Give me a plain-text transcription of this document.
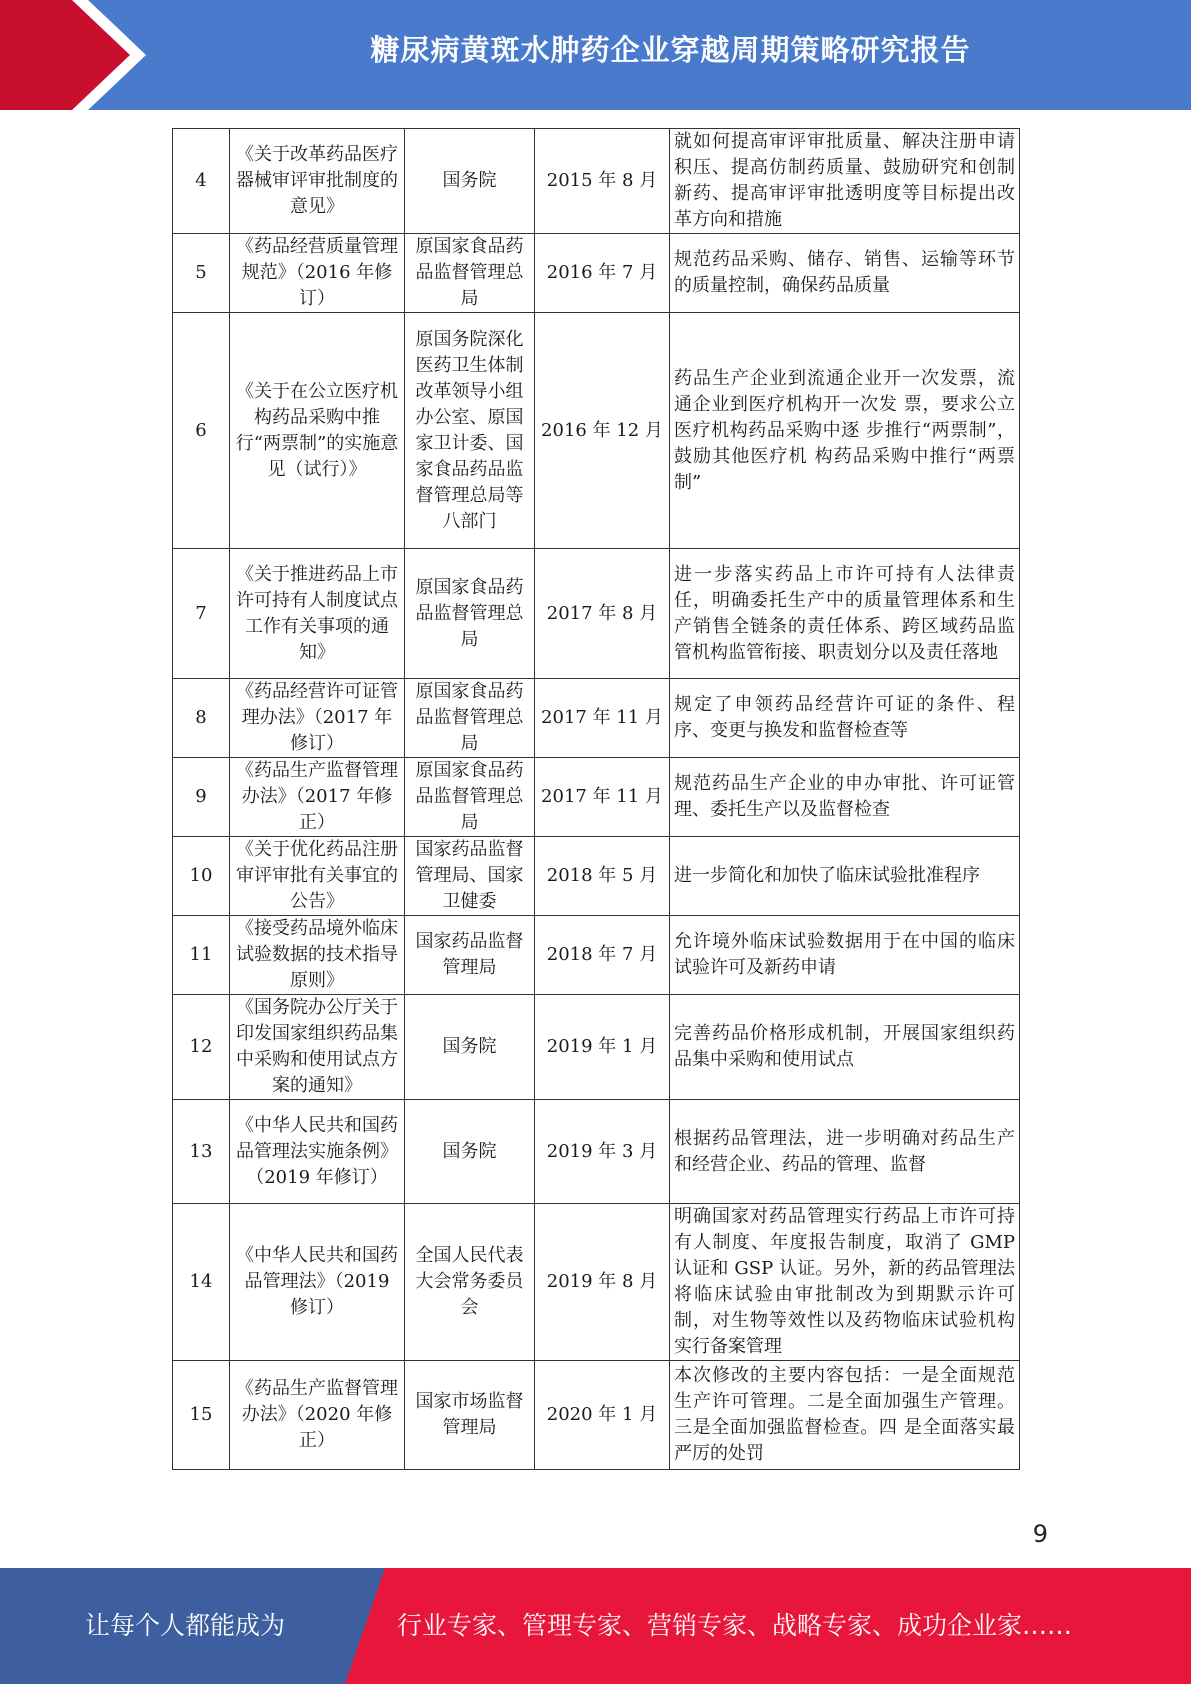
糖尿病黄斑水肿药企业穿越周期策略研究报告
4	《关于改革药品医疗器械审评审批制度的意见》	国务院	2015 年 8 月	就如何提高审评审批质量、解决注册申请积压、提高仿制药质量、鼓励研究和创制新药、提高审评审批透明度等目标提出改革方向和措施
5	《药品经营质量管理规范》（2016 年修订）	原国家食品药品监督管理总局	2016 年 7 月	规范药品采购、储存、销售、运输等环节的质量控制，确保药品质量
6	《关于在公立医疗机构药品采购中推行“两票制”的实施意见（试行）》	原国务院深化医药卫生体制改革领导小组办公室、原国家卫计委、国家食品药品监督管理总局等八部门	2016 年 12 月	药品生产企业到流通企业开一次发票，流通企业到医疗机构开一次发 票，要求公立医疗机构药品采购中逐 步推行“两票制”，鼓励其他医疗机 构药品采购中推行“两票制”
7	《关于推进药品上市许可持有人制度试点工作有关事项的通知》	原国家食品药品监督管理总局	2017 年 8 月	进一步落实药品上市许可持有人法律责任，明确委托生产中的质量管理体系和生产销售全链条的责任体系、跨区域药品监管机构监管衔接、职责划分以及责任落地
8	《药品经营许可证管理办法》（2017 年修订）	原国家食品药品监督管理总局	2017 年 11 月	规定了申领药品经营许可证的条件、程序、变更与换发和监督检查等
9	《药品生产监督管理办法》（2017 年修正）	原国家食品药品监督管理总局	2017 年 11 月	规范药品生产企业的申办审批、许可证管理、委托生产以及监督检查
10	《关于优化药品注册审评审批有关事宜的公告》	国家药品监督管理局、国家卫健委	2018 年 5 月	进一步简化和加快了临床试验批准程序
11	《接受药品境外临床试验数据的技术指导原则》	国家药品监督管理局	2018 年 7 月	允许境外临床试验数据用于在中国的临床试验许可及新药申请
12	《国务院办公厅关于印发国家组织药品集中采购和使用试点方案的通知》	国务院	2019 年 1 月	完善药品价格形成机制，开展国家组织药品集中采购和使用试点
13	《中华人民共和国药品管理法实施条例》（2019 年修订）	国务院	2019 年 3 月	根据药品管理法，进一步明确对药品生产和经营企业、药品的管理、监督
14	《中华人民共和国药品管理法》（2019 修订）	全国人民代表大会常务委员会	2019 年 8 月	明确国家对药品管理实行药品上市许可持有人制度、年度报告制度，取消了 GMP 认证和 GSP 认证。另外，新的药品管理法将临床试验由审批制改为到期默示许可制，对生物等效性以及药物临床试验机构实行备案管理
15	《药品生产监督管理办法》（2020 年修正）	国家市场监督管理局	2020 年 1 月	本次修改的主要内容包括：一是全面规范生产许可管理。二是全面加强生产管理。三是全面加强监督检查。四 是全面落实最严厉的处罚
9
让每个人都能成为	行业专家、管理专家、营销专家、战略专家、成功企业家……
